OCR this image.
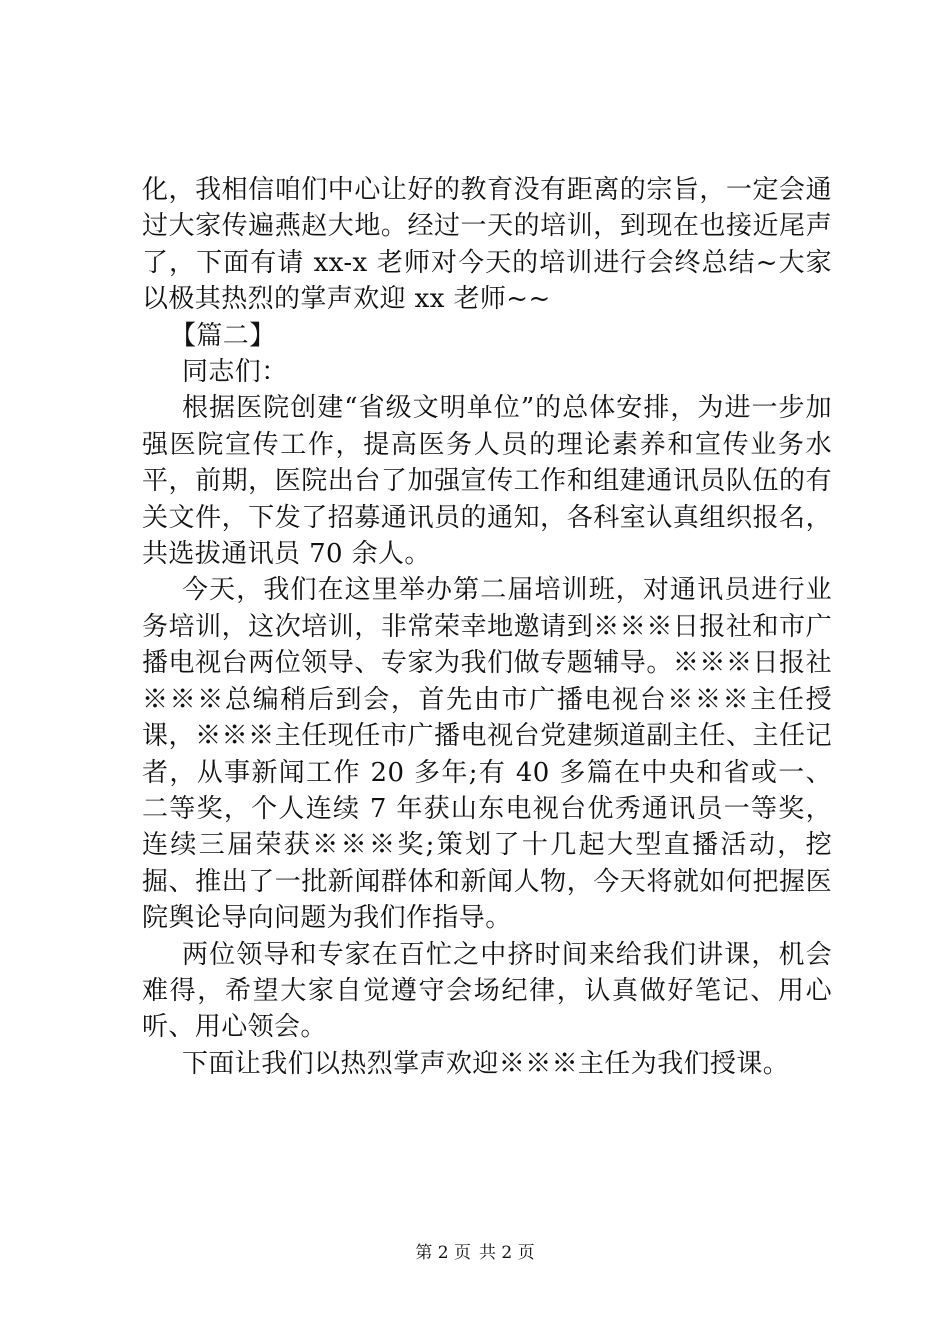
化，我相信咱们中心让好的教育没有距离的宗旨，一定会通过大家传遍燕赵大地。经过一天的培训，到现在也接近尾声了，下面有请 xx-x 老师对今天的培训进行会终总结~大家以极其热烈的掌声欢迎 xx 老师~~

【篇二】

同志们：

根据医院创建“省级文明单位”的总体安排，为进一步加强医院宣传工作，提高医务人员的理论素养和宣传业务水平，前期，医院出台了加强宣传工作和组建通讯员队伍的有关文件，下发了招募通讯员的通知，各科室认真组织报名，共选拔通讯员 70 余人。

今天，我们在这里举办第二届培训班，对通讯员进行业务培训，这次培训，非常荣幸地邀请到※※※日报社和市广播电视台两位领导、专家为我们做专题辅导。※※※日报社※※※总编稍后到会，首先由市广播电视台※※※主任授课，※※※主任现任市广播电视台党建频道副主任、主任记者，从事新闻工作 20 多年;有 40 多篇在中央和省或一、二等奖，个人连续 7 年获山东电视台优秀通讯员一等奖，连续三届荣获※※※奖;策划了十几起大型直播活动，挖掘、推出了一批新闻群体和新闻人物，今天将就如何把握医院舆论导向问题为我们作指导。

两位领导和专家在百忙之中挤时间来给我们讲课，机会难得，希望大家自觉遵守会场纪律，认真做好笔记、用心听、用心领会。

下面让我们以热烈掌声欢迎※※※主任为我们授课。

第 2 页 共 2 页
